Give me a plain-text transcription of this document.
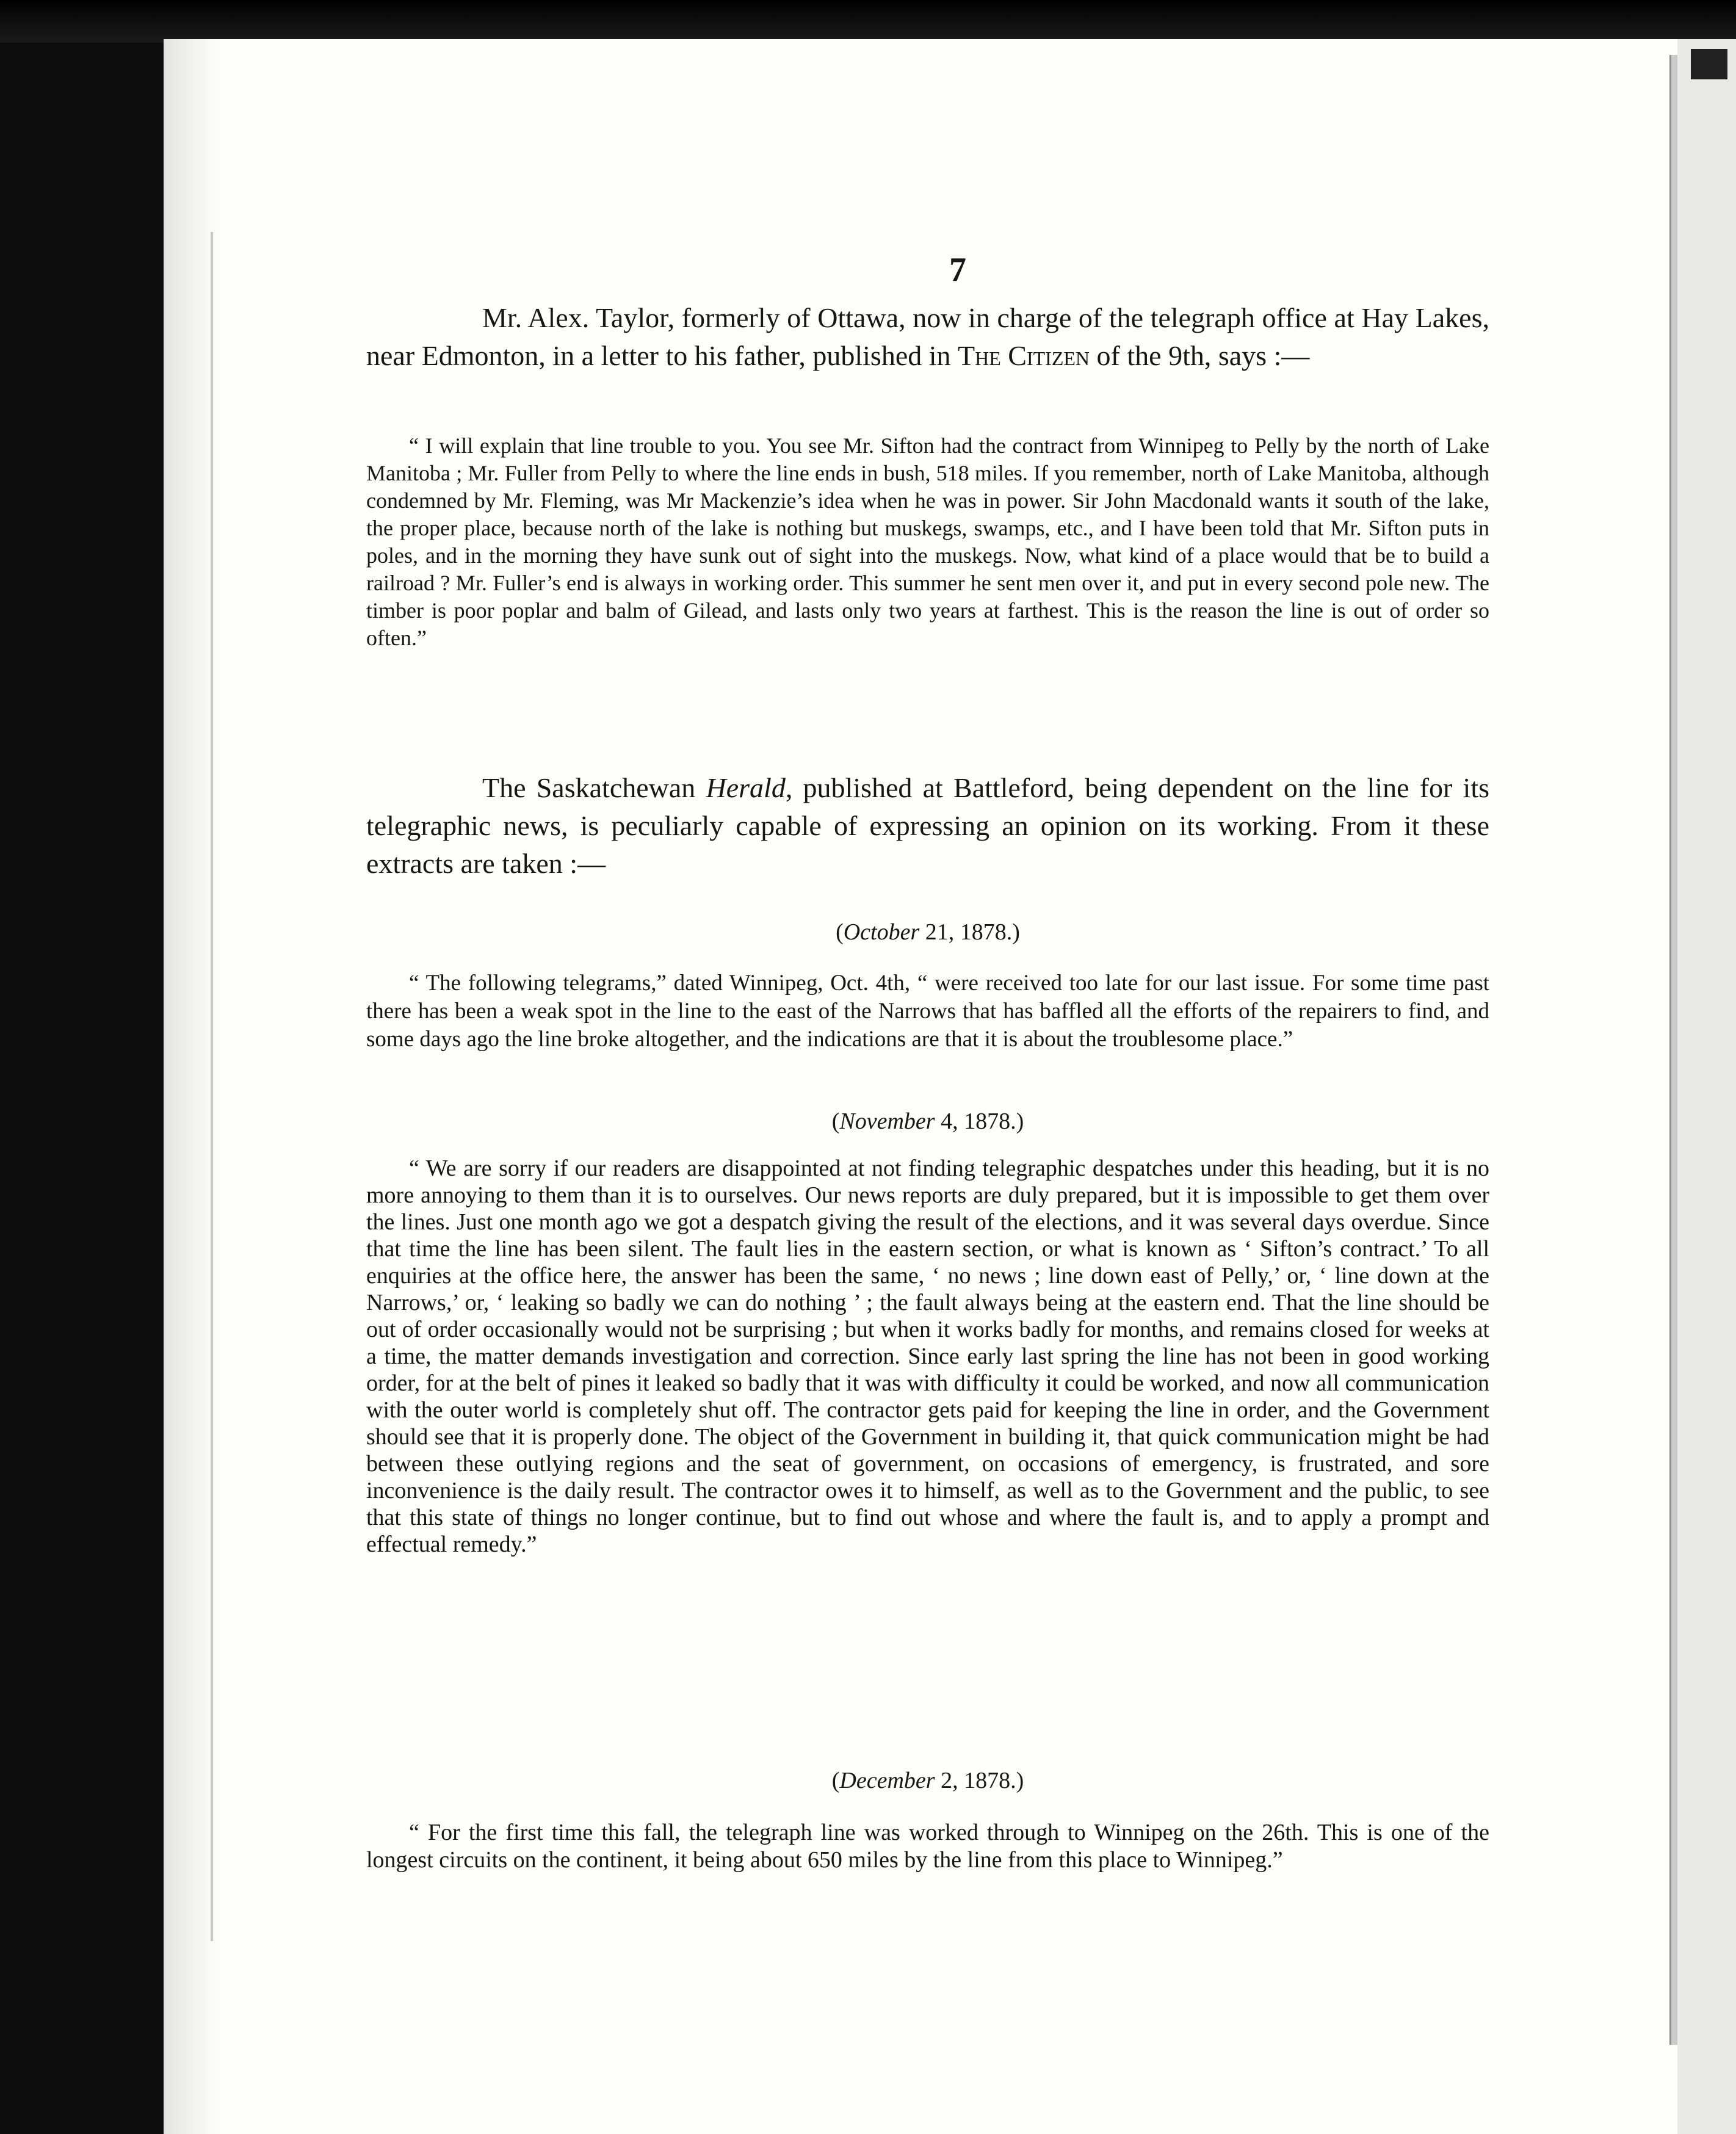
7

Mr. Alex. Taylor, formerly of Ottawa, now in charge of the telegraph office at Hay Lakes, near Edmonton, in a letter to his father, published in The Citizen of the 9th, says :—

“ I will explain that line trouble to you. You see Mr. Sifton had the contract from Winnipeg to Pelly by the north of Lake Manitoba ; Mr. Fuller from Pelly to where the line ends in bush, 518 miles. If you remember, north of Lake Manitoba, although condemned by Mr. Fleming, was Mr Mackenzie’s idea when he was in power. Sir John Macdonald wants it south of the lake, the proper place, because north of the lake is nothing but muskegs, swamps, etc., and I have been told that Mr. Sifton puts in poles, and in the morning they have sunk out of sight into the muskegs. Now, what kind of a place would that be to build a railroad ? Mr. Fuller’s end is always in working order. This summer he sent men over it, and put in every second pole new. The timber is poor poplar and balm of Gilead, and lasts only two years at farthest. This is the reason the line is out of order so often.”

The Saskatchewan Herald, published at Battleford, being dependent on the line for its telegraphic news, is peculiarly capable of expressing an opinion on its working. From it these extracts are taken :—

(October 21, 1878.)

“ The following telegrams,” dated Winnipeg, Oct. 4th, “ were received too late for our last issue. For some time past there has been a weak spot in the line to the east of the Narrows that has baffled all the efforts of the repairers to find, and some days ago the line broke altogether, and the indications are that it is about the troublesome place.”

(November 4, 1878.)

“ We are sorry if our readers are disappointed at not finding telegraphic despatches under this heading, but it is no more annoying to them than it is to ourselves. Our news reports are duly prepared, but it is impossible to get them over the lines. Just one month ago we got a despatch giving the result of the elections, and it was several days overdue. Since that time the line has been silent. The fault lies in the eastern section, or what is known as ‘ Sifton’s contract.’ To all enquiries at the office here, the answer has been the same, ‘ no news ; line down east of Pelly,’ or, ‘ line down at the Narrows,’ or, ‘ leaking so badly we can do nothing ’ ; the fault always being at the eastern end. That the line should be out of order occasionally would not be surprising ; but when it works badly for months, and remains closed for weeks at a time, the matter demands investigation and correction. Since early last spring the line has not been in good working order, for at the belt of pines it leaked so badly that it was with difficulty it could be worked, and now all communication with the outer world is completely shut off. The contractor gets paid for keeping the line in order, and the Government should see that it is properly done. The object of the Government in building it, that quick communication might be had between these outlying regions and the seat of government, on occasions of emergency, is frustrated, and sore inconvenience is the daily result. The contractor owes it to himself, as well as to the Government and the public, to see that this state of things no longer continue, but to find out whose and where the fault is, and to apply a prompt and effectual remedy.”

(December 2, 1878.)

“ For the first time this fall, the telegraph line was worked through to Winnipeg on the 26th. This is one of the longest circuits on the continent, it being about 650 miles by the line from this place to Winnipeg.”
